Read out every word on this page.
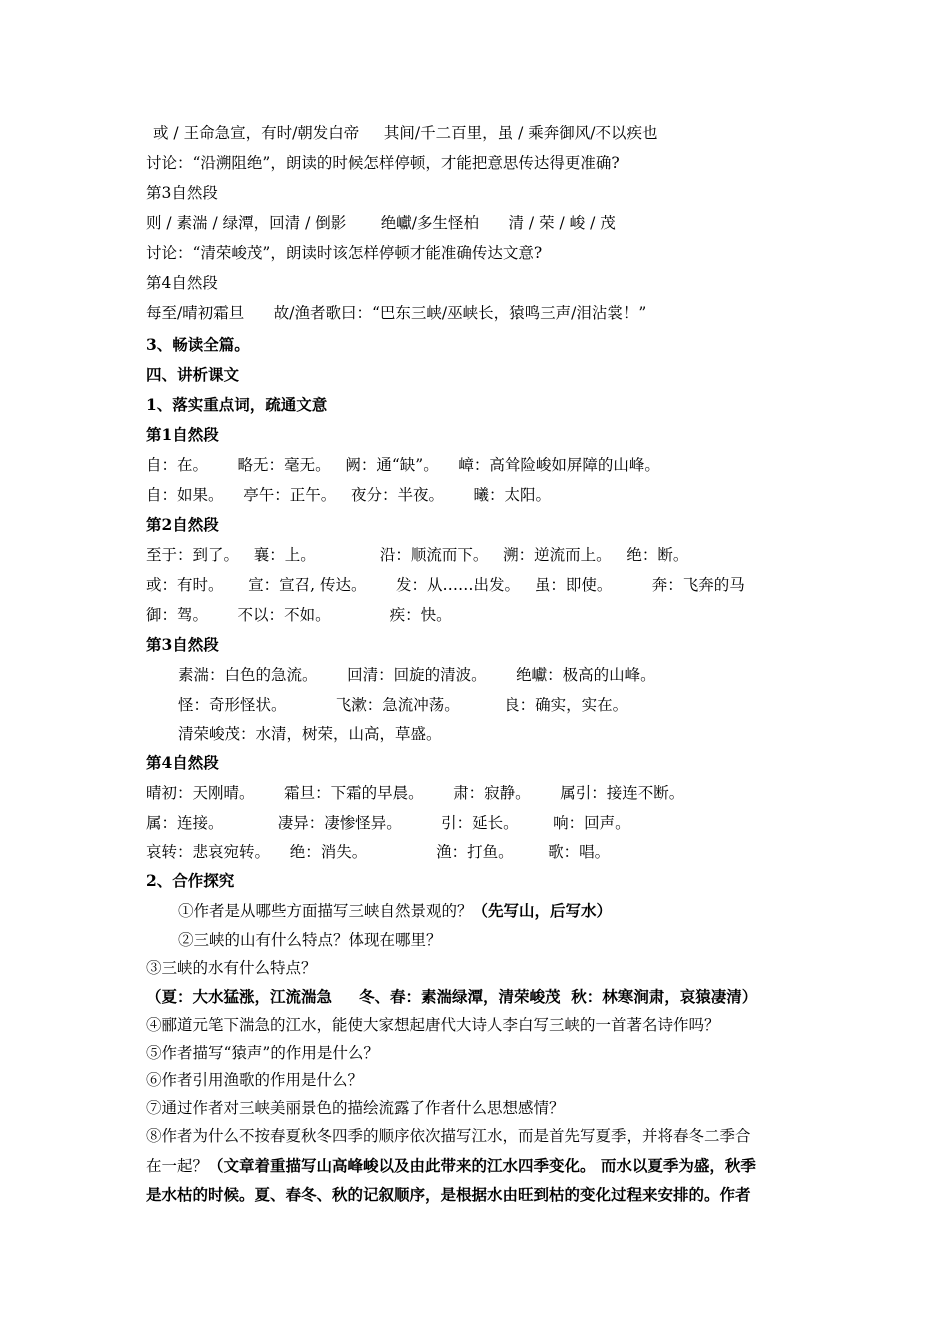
或 / 王命急宣，有时/朝发白帝     其间/千二百里，虽 / 乘奔御风/不以疾也
讨论：“沿溯阻绝”，朗读的时候怎样停顿，才能把意思传达得更准确?
第3自然段
则 / 素湍 / 绿潭，回清 / 倒影       绝巘/多生怪柏      清 / 荣 / 峻 / 茂
讨论：“清荣峻茂”，朗读时该怎样停顿才能准确传达文意?
第4自然段
每至/晴初霜旦      故/渔者歌曰：“巴东三峡/巫峡长，猿鸣三声/泪沾裳！”
3、畅读全篇。
四、讲析课文
1、落实重点词，疏通文意
第1自然段
自：在。      略无：毫无。   阙：通“缺”。    嶂：高耸险峻如屏障的山峰。
自：如果。    亭午：正午。   夜分：半夜。      曦：太阳。
第2自然段
至于：到了。   襄：上。             沿：顺流而下。   溯：逆流而上。   绝：断。
或：有时。     宣：宣召, 传达。      发：从……出发。   虽：即使。        奔：飞奔的马
御：驾。      不以：不如。            疾：快。
第3自然段
素湍：白色的急流。      回清：回旋的清波。      绝巘：极高的山峰。
怪：奇形怪状。          飞漱：急流冲荡。         良：确实，实在。
清荣峻茂：水清，树荣，山高，草盛。
第4自然段
晴初：天刚晴。      霜旦：下霜的早晨。      肃：寂静。      属引：接连不断。
属：连接。           凄异：凄惨怪异。        引：延长。       响：回声。
哀转：悲哀宛转。    绝：消失。              渔：打鱼。       歌：唱。
2、合作探究
①作者是从哪些方面描写三峡自然景观的？（先写山，后写水）
②三峡的山有什么特点？体现在哪里？
③三峡的水有什么特点？
（夏：大水猛涨，江流湍急     冬、春：素湍绿潭，清荣峻茂  秋：林寒涧肃，哀猿凄清）
④郦道元笔下湍急的江水，能使大家想起唐代大诗人李白写三峡的一首著名诗作吗？
⑤作者描写“猿声”的作用是什么？
⑥作者引用渔歌的作用是什么？
⑦通过作者对三峡美丽景色的描绘流露了作者什么思想感情？
⑧作者为什么不按春夏秋冬四季的顺序依次描写江水，而是首先写夏季，并将春冬二季合
在一起？（文章着重描写山高峰峻以及由此带来的江水四季变化。 而水以夏季为盛，秋季
是水枯的时候。夏、春冬、秋的记叙顺序，是根据水由旺到枯的变化过程来安排的。作者
